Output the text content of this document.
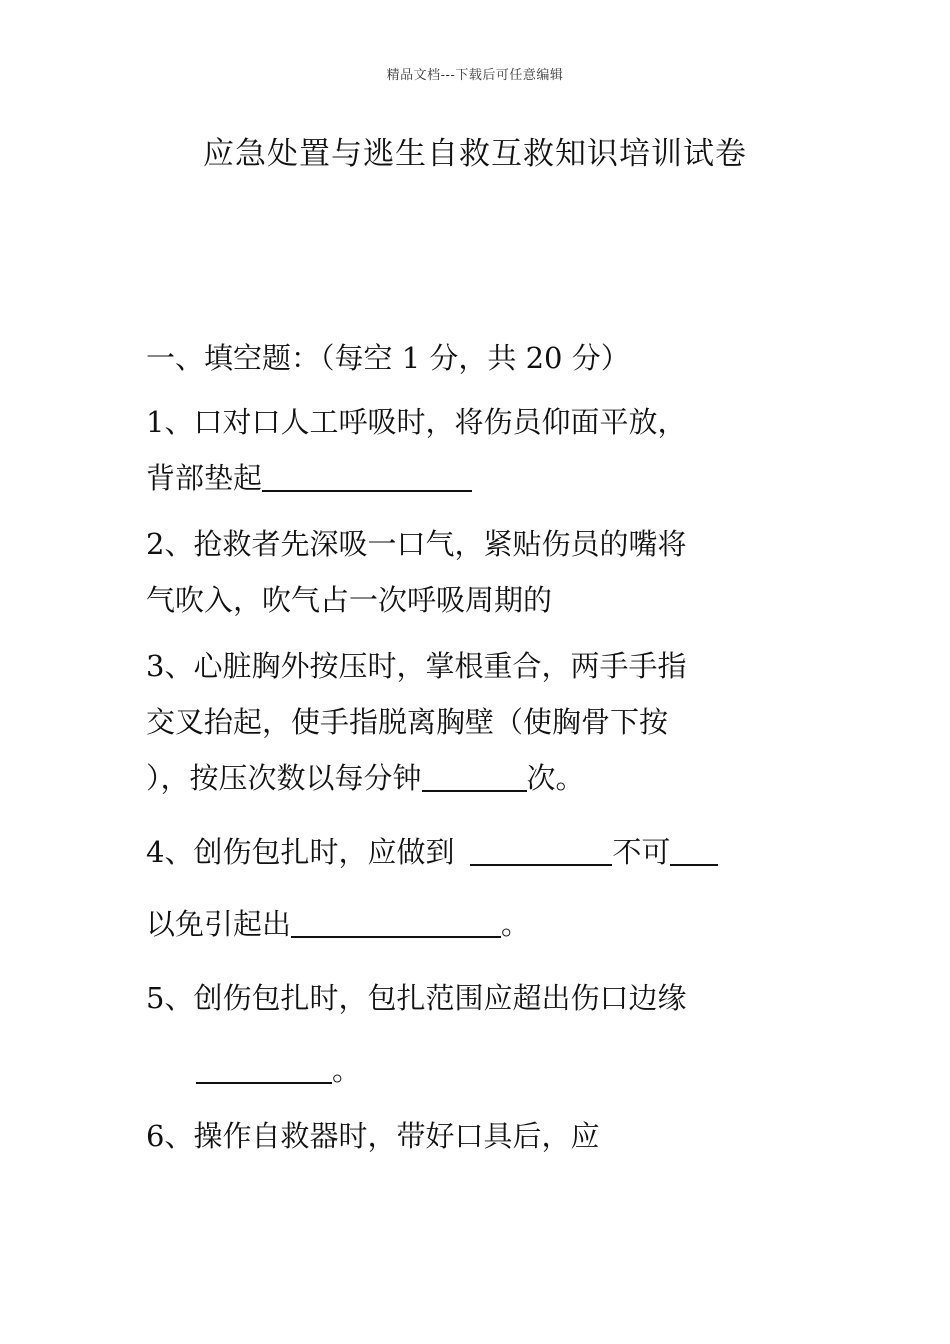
精品文档---下载后可任意编辑
应急处置与逃生自救互救知识培训试卷
一、填空题：（每空 1 分，共 20 分）
1、口对口人工呼吸时，将伤员仰面平放，
背部垫起
2、抢救者先深吸一口气，紧贴伤员的嘴将
气吹入，吹气占一次呼吸周期的
3、心脏胸外按压时，掌根重合，两手手指
交叉抬起，使手指脱离胸壁（使胸骨下按
），按压次数以每分钟	次。
4、创伤包扎时，应做到	不可
以免引起出	。
5、创伤包扎时，包扎范围应超出伤口边缘
。
6、操作自救器时，带好口具后，应
